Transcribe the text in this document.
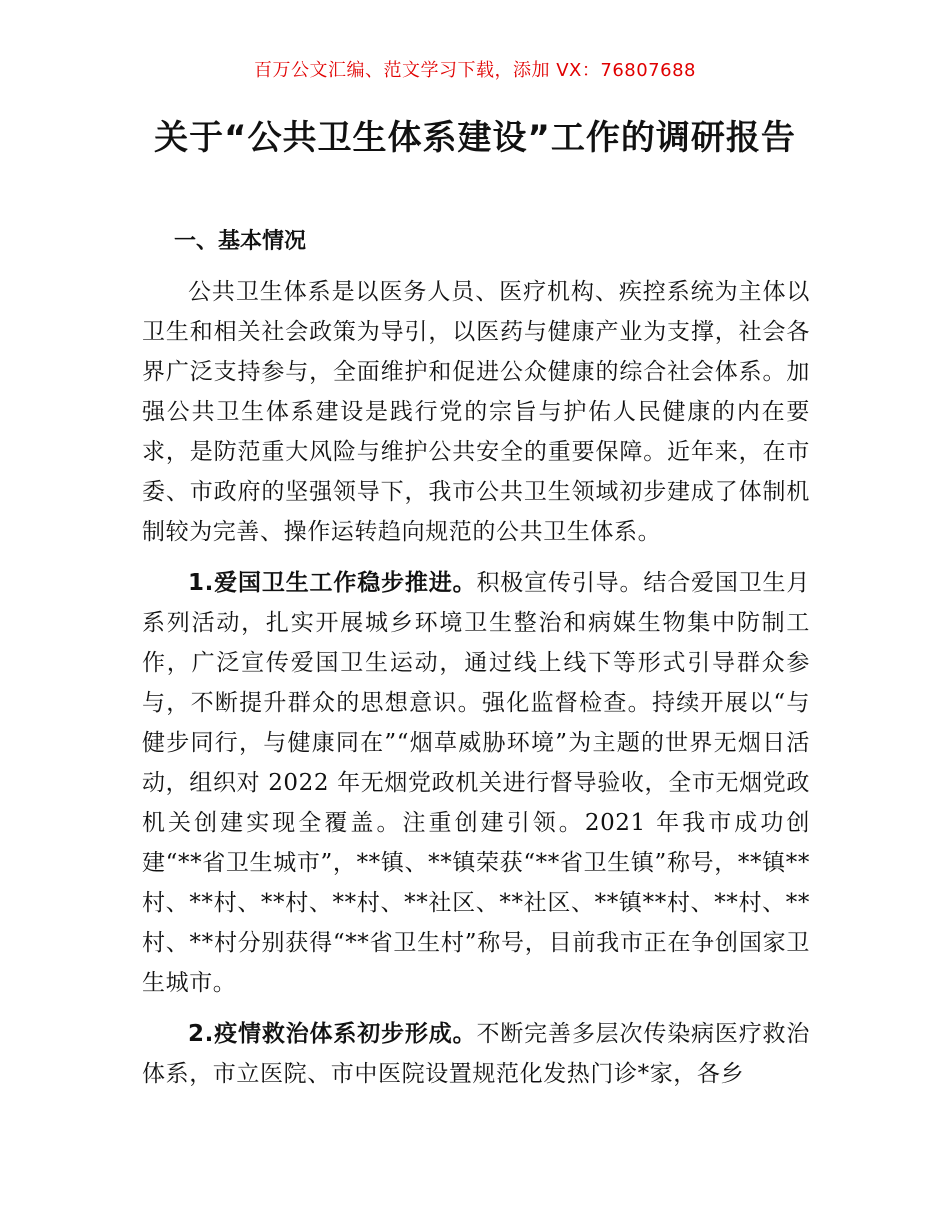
百万公文汇编、范文学习下载，添加 VX：76807688
关于“公共卫生体系建设”工作的调研报告
一、基本情况

公共卫生体系是以医务人员、医疗机构、疾控系统为主体以卫生和相关社会政策为导引，以医药与健康产业为支撑，社会各界广泛支持参与，全面维护和促进公众健康的综合社会体系。加强公共卫生体系建设是践行党的宗旨与护佑人民健康的内在要求，是防范重大风险与维护公共安全的重要保障。近年来，在市委、市政府的坚强领导下，我市公共卫生领域初步建成了体制机制较为完善、操作运转趋向规范的公共卫生体系。

1.爱国卫生工作稳步推进。积极宣传引导。结合爱国卫生月系列活动，扎实开展城乡环境卫生整治和病媒生物集中防制工作，广泛宣传爱国卫生运动，通过线上线下等形式引导群众参与，不断提升群众的思想意识。强化监督检查。持续开展以“与健步同行，与健康同在”“烟草威胁环境”为主题的世界无烟日活动，组织对 2022 年无烟党政机关进行督导验收，全市无烟党政机关创建实现全覆盖。注重创建引领。2021 年我市成功创建“**省卫生城市”，**镇、**镇荣获“**省卫生镇”称号，**镇**村、**村、**村、**村、**社区、**社区、**镇**村、**村、**村、**村分别获得“**省卫生村”称号，目前我市正在争创国家卫生城市。

2.疫情救治体系初步形成。不断完善多层次传染病医疗救治体系，市立医院、市中医院设置规范化发热门诊*家，各乡
